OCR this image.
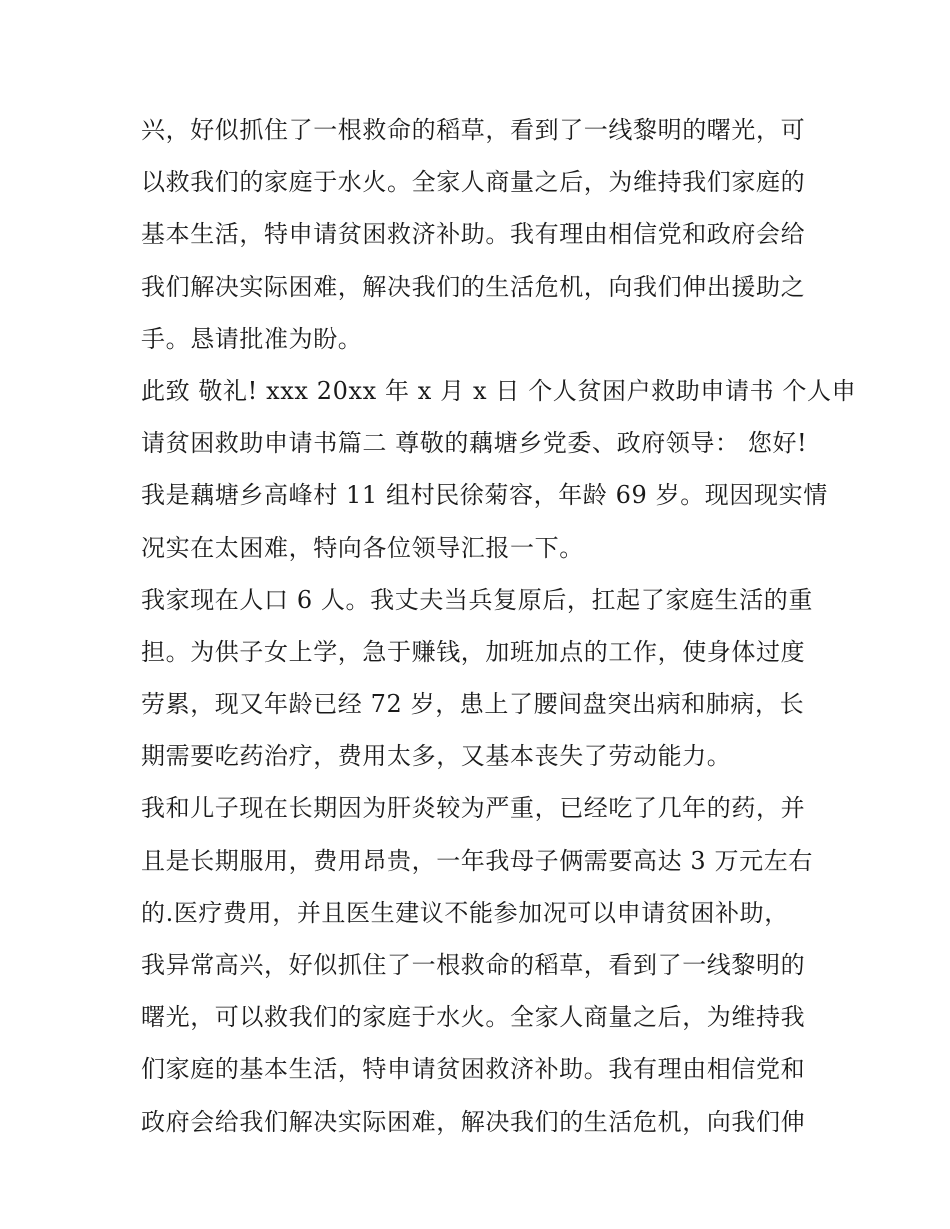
兴，好似抓住了一根救命的稻草，看到了一线黎明的曙光，可
以救我们的家庭于水火。全家人商量之后，为维持我们家庭的
基本生活，特申请贫困救济补助。我有理由相信党和政府会给
我们解决实际困难，解决我们的生活危机，向我们伸出援助之
手。恳请批准为盼。
此致 敬礼! xxx 20xx 年 x 月 x 日 个人贫困户救助申请书 个人申
请贫困救助申请书篇二 尊敬的藕塘乡党委、政府领导： 您好!
我是藕塘乡高峰村 11 组村民徐菊容，年龄 69 岁。现因现实情
况实在太困难，特向各位领导汇报一下。
我家现在人口 6 人。我丈夫当兵复原后，扛起了家庭生活的重
担。为供子女上学，急于赚钱，加班加点的工作，使身体过度
劳累，现又年龄已经 72 岁，患上了腰间盘突出病和肺病，长
期需要吃药治疗，费用太多，又基本丧失了劳动能力。
我和儿子现在长期因为肝炎较为严重，已经吃了几年的药，并
且是长期服用，费用昂贵，一年我母子俩需要高达 3 万元左右
的.医疗费用，并且医生建议不能参加况可以申请贫困补助，
我异常高兴，好似抓住了一根救命的稻草，看到了一线黎明的
曙光，可以救我们的家庭于水火。全家人商量之后，为维持我
们家庭的基本生活，特申请贫困救济补助。我有理由相信党和
政府会给我们解决实际困难，解决我们的生活危机，向我们伸
